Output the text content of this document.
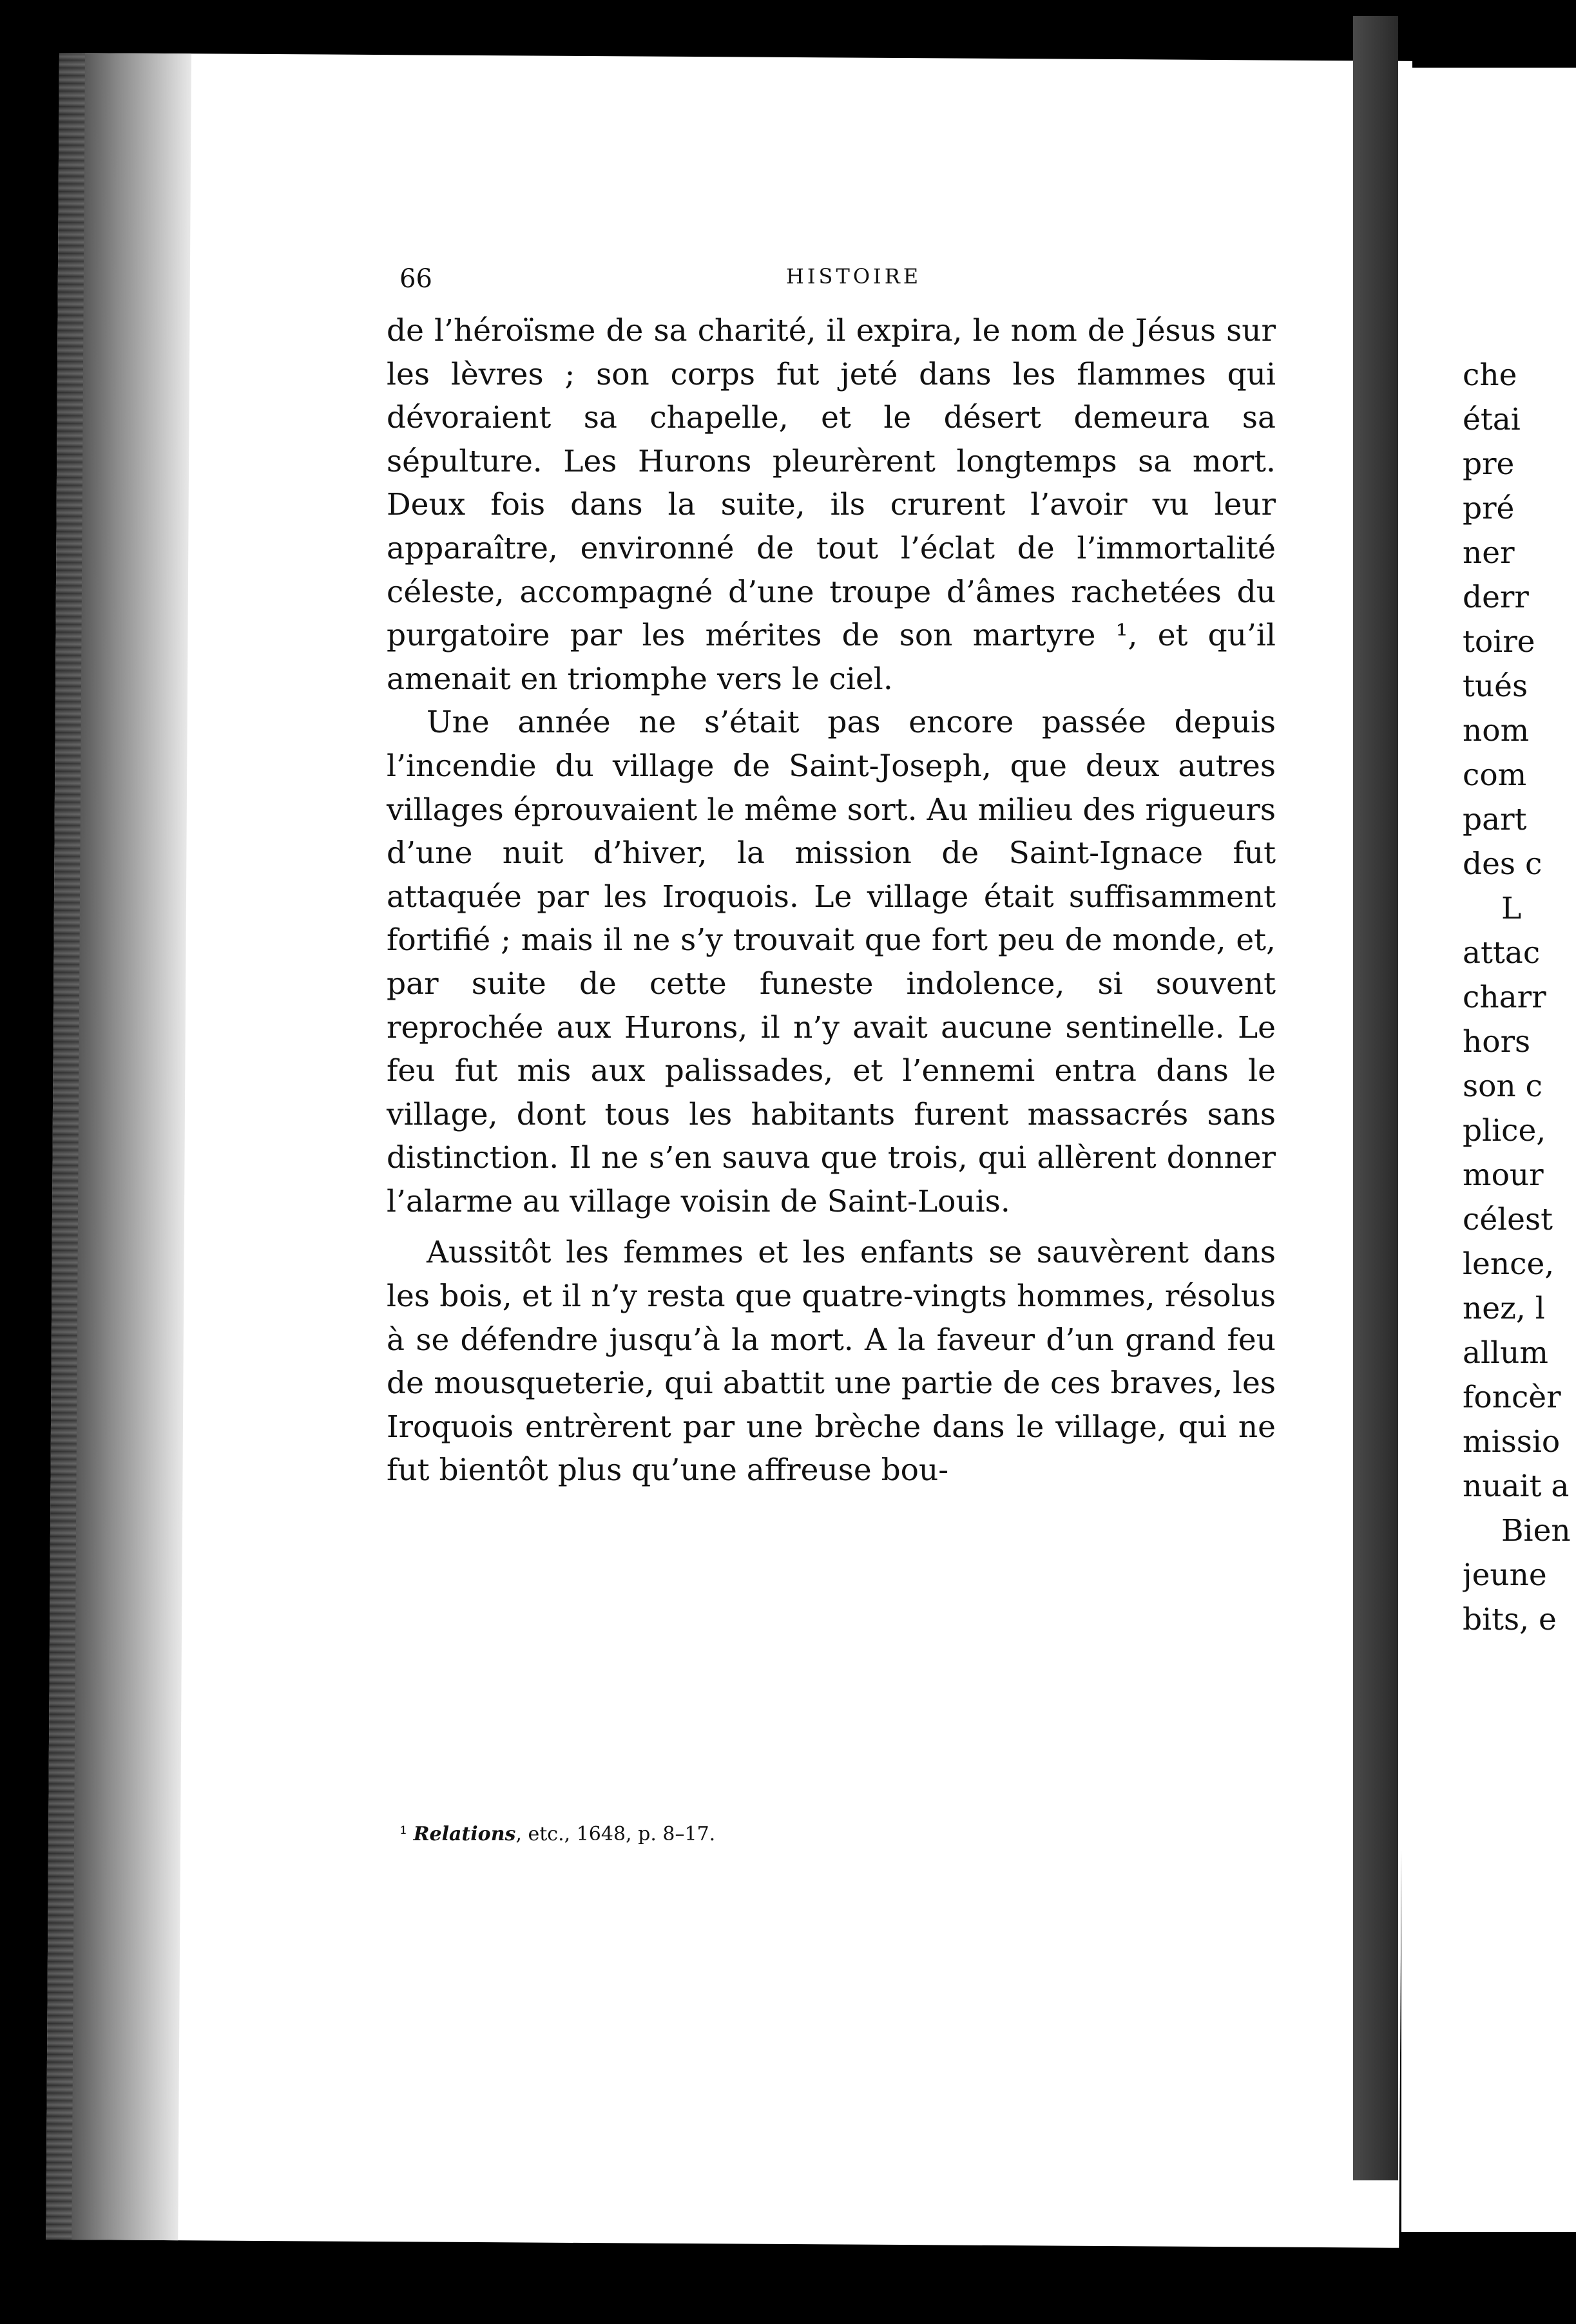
66	HISTOIRE

de l’héroïsme de sa charité, il expira, le nom de Jésus sur les lèvres ; son corps fut jeté dans les flammes qui dévoraient sa chapelle, et le désert demeura sa sépulture. Les Hurons pleurèrent longtemps sa mort. Deux fois dans la suite, ils crurent l’avoir vu leur apparaître, environné de tout l’éclat de l’immortalité céleste, accompagné d’une troupe d’âmes rachetées du purgatoire par les mérites de son martyre ¹, et qu’il amenait en triomphe vers le ciel.

Une année ne s’était pas encore passée depuis l’incendie du village de Saint-Joseph, que deux autres villages éprouvaient le même sort. Au milieu des rigueurs d’une nuit d’hiver, la mission de Saint-Ignace fut attaquée par les Iroquois. Le village était suffisamment fortifié ; mais il ne s’y trouvait que fort peu de monde, et, par suite de cette funeste indolence, si souvent reprochée aux Hurons, il n’y avait aucune sentinelle. Le feu fut mis aux palissades, et l’ennemi entra dans le village, dont tous les habitants furent massacrés sans distinction. Il ne s’en sauva que trois, qui allèrent donner l’alarme au village voisin de Saint-Louis.

Aussitôt les femmes et les enfants se sauvèrent dans les bois, et il n’y resta que quatre-vingts hommes, résolus à se défendre jusqu’à la mort. A la faveur d’un grand feu de mousqueterie, qui abattit une partie de ces braves, les Iroquois entrèrent par une brèche dans le village, qui ne fut bientôt plus qu’une affreuse bou-

¹ Relations, etc., 1648, p. 8–17.
che
étai
pre
pré
ner
derr
toire
tués
nom
com
part
des c
L
attac
charr
hors
son c
plice,
mour
célest
lence,
nez, l
allum
foncèr
missio
nuait a
Bien
jeune
bits, e
